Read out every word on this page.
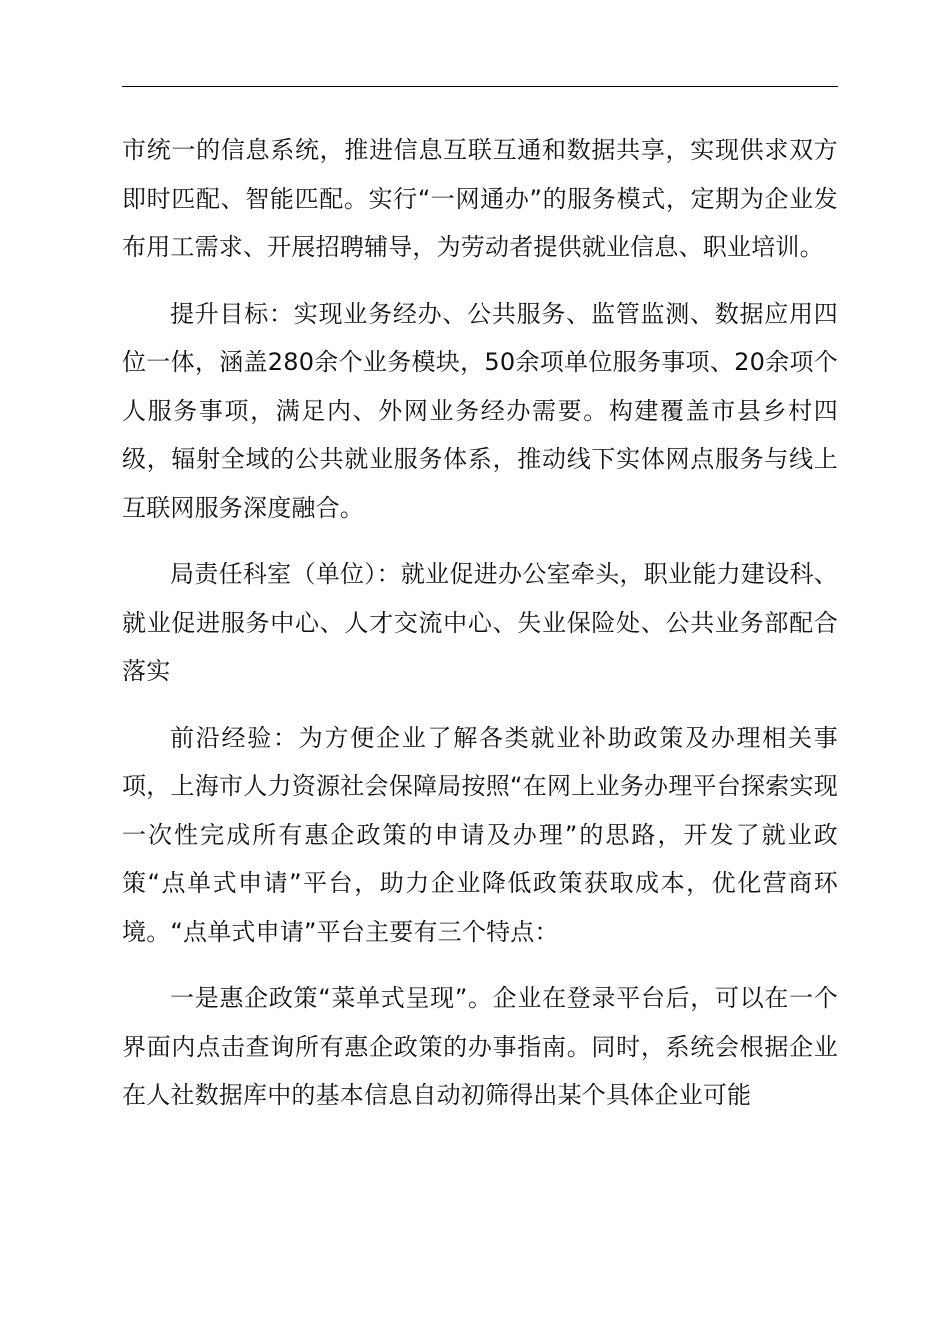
市统一的信息系统，推进信息互联互通和数据共享，实现供求双方即时匹配、智能匹配。实行“一网通办”的服务模式，定期为企业发布用工需求、开展招聘辅导，为劳动者提供就业信息、职业培训。

提升目标：实现业务经办、公共服务、监管监测、数据应用四位一体，涵盖280余个业务模块，50余项单位服务事项、20余项个人服务事项，满足内、外网业务经办需要。构建覆盖市县乡村四级，辐射全域的公共就业服务体系，推动线下实体网点服务与线上互联网服务深度融合。

局责任科室（单位）：就业促进办公室牵头，职业能力建设科、就业促进服务中心、人才交流中心、失业保险处、公共业务部配合落实

前沿经验：为方便企业了解各类就业补助政策及办理相关事项，上海市人力资源社会保障局按照“在网上业务办理平台探索实现一次性完成所有惠企政策的申请及办理”的思路，开发了就业政策“点单式申请”平台，助力企业降低政策获取成本，优化营商环境。“点单式申请”平台主要有三个特点：

一是惠企政策“菜单式呈现”。企业在登录平台后，可以在一个界面内点击查询所有惠企政策的办事指南。同时，系统会根据企业在人社数据库中的基本信息自动初筛得出某个具体企业可能
